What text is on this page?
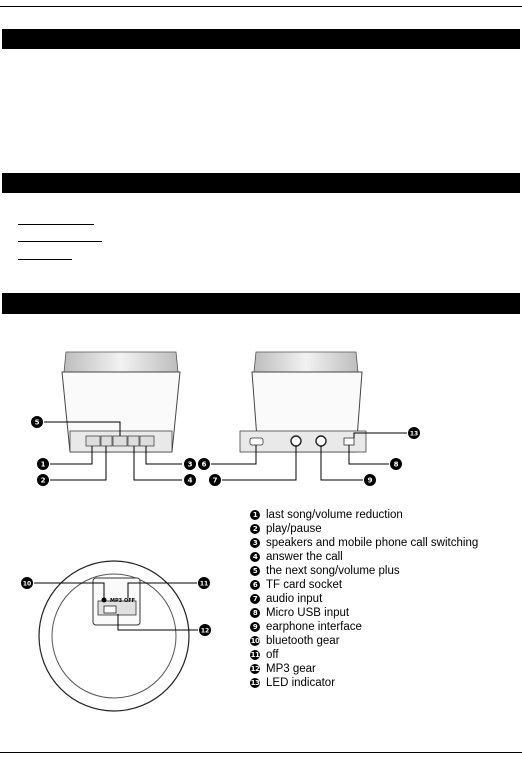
MP3 OFF
5
1
2
3
4
6
7
8
9
13
10	11
12
1 last song/volume reduction
2 play/pause
3 speakers and mobile phone call switching
4 answer the call
5 the next song/volume plus
6 TF card socket
7 audio input
8 Micro USB input
9 earphone interface
10 bluetooth gear
11 off
12 MP3 gear
13 LED indicator
